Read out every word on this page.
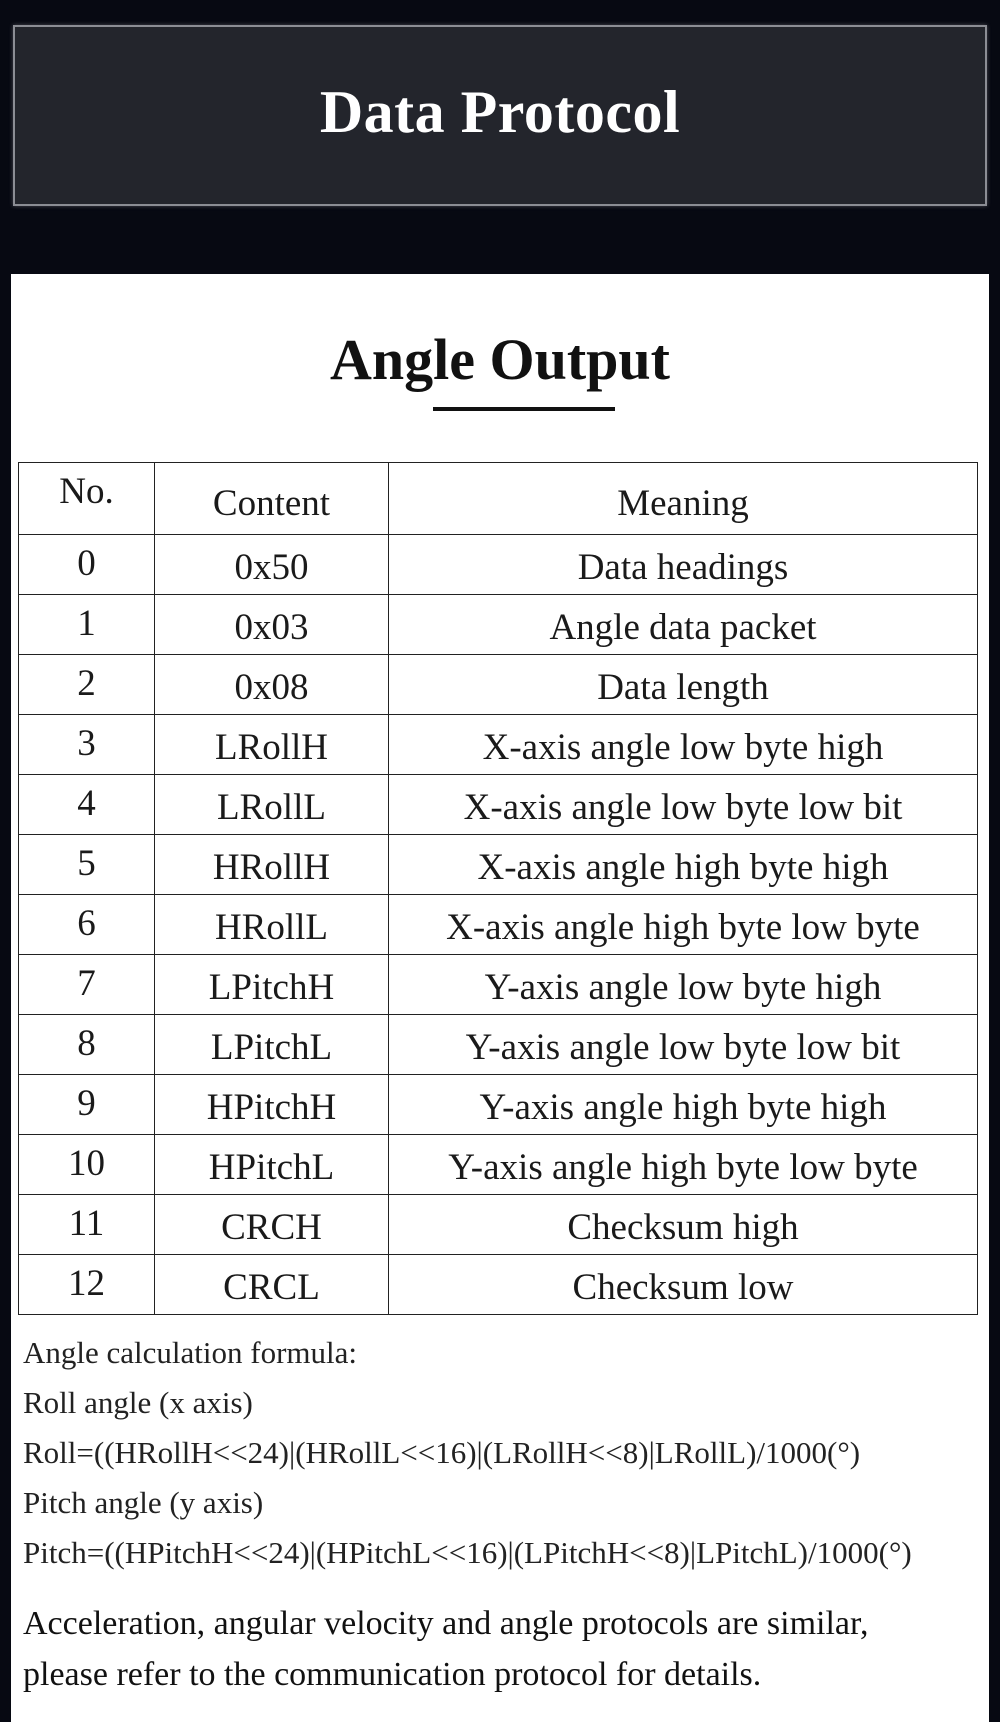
Data Protocol
Angle Output
No.	Content	Meaning
0	0x50	Data headings
1	0x03	Angle data packet
2	0x08	Data length
3	LRollH	X-axis angle low byte high
4	LRollL	X-axis angle low byte low bit
5	HRollH	X-axis angle high byte high
6	HRollL	X-axis angle high byte low byte
7	LPitchH	Y-axis angle low byte high
8	LPitchL	Y-axis angle low byte low bit
9	HPitchH	Y-axis angle high byte high
10	HPitchL	Y-axis angle high byte low byte
11	CRCH	Checksum high
12	CRCL	Checksum low
Angle calculation formula:
Roll angle (x axis)
Roll=((HRollH<<24)|(HRollL<<16)|(LRollH<<8)|LRollL)/1000(°)
Pitch angle (y axis)
Pitch=((HPitchH<<24)|(HPitchL<<16)|(LPitchH<<8)|LPitchL)/1000(°)
Acceleration, angular velocity and angle protocols are similar,
please refer to the communication protocol for details.
